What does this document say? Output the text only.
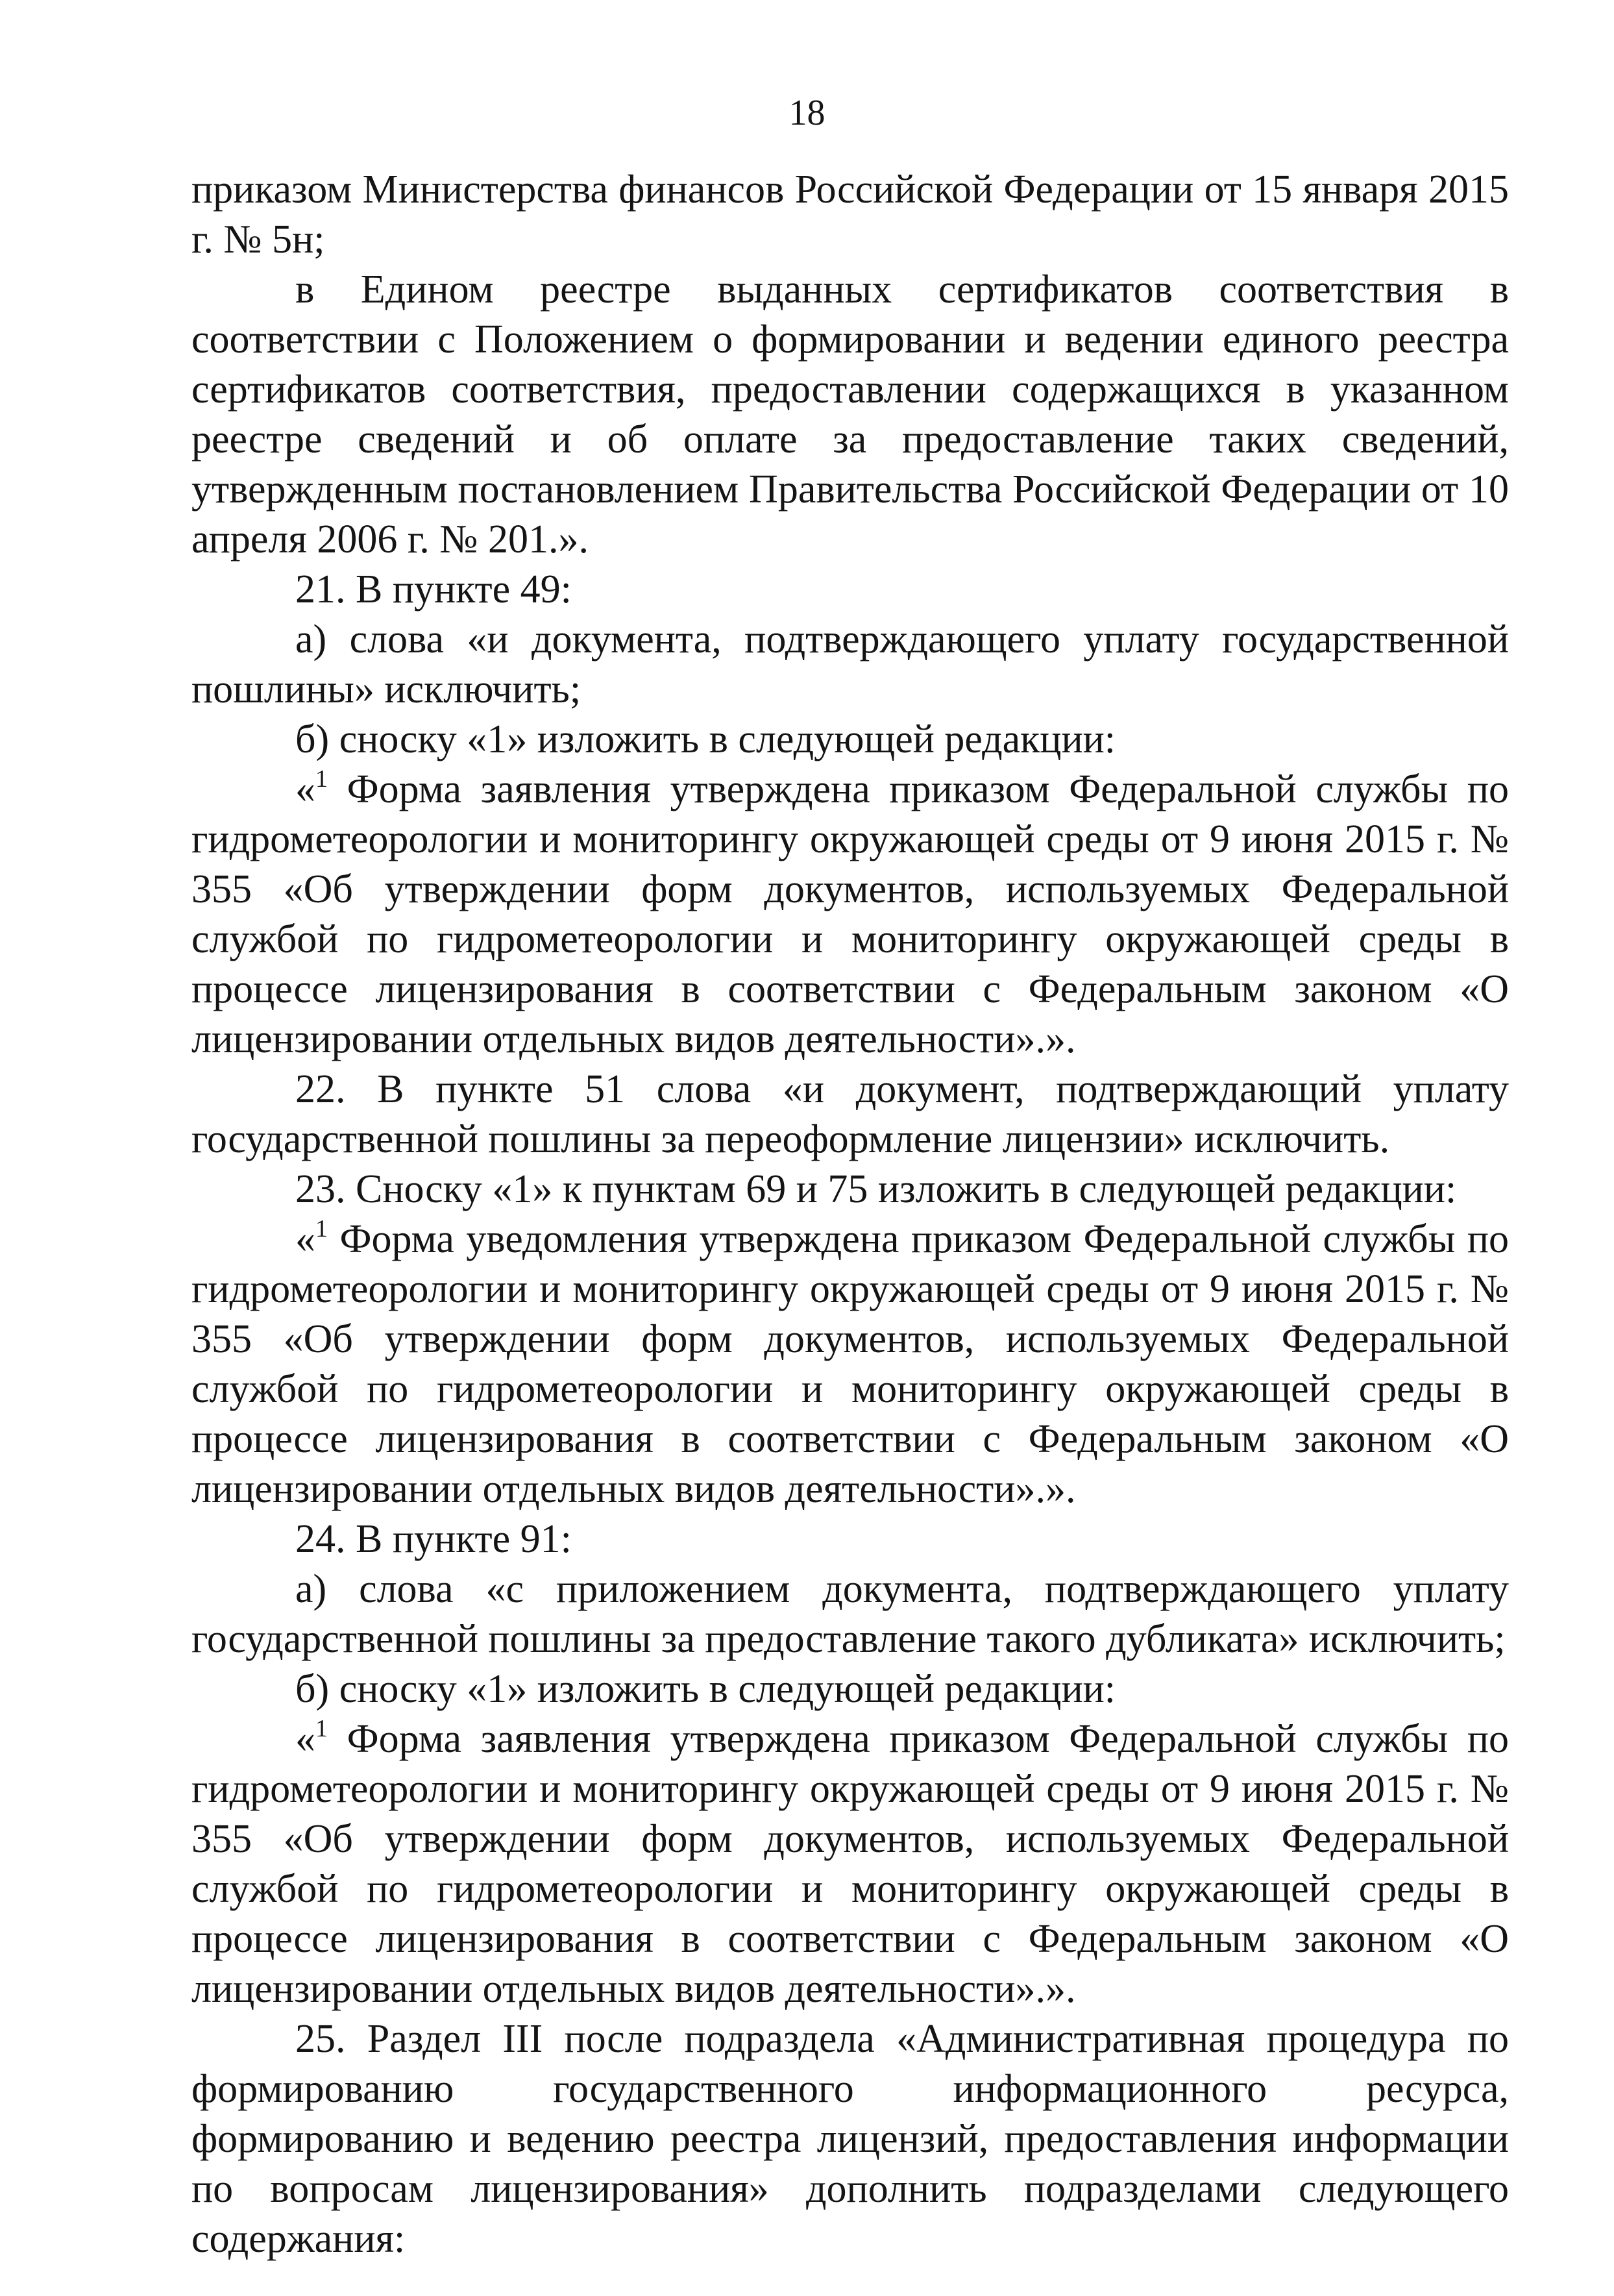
18

приказом Министерства финансов Российской Федерации от 15 января 2015 г. № 5н;

в Едином реестре выданных сертификатов соответствия в соответствии с Положением о формировании и ведении единого реестра сертификатов соответствия, предоставлении содержащихся в указанном реестре сведений и об оплате за предоставление таких сведений, утвержденным постановлением Правительства Российской Федерации от 10 апреля 2006 г. № 201.».

21. В пункте 49:

а) слова «и документа, подтверждающего уплату государственной пошлины» исключить;

б) сноску «1» изложить в следующей редакции:

«$^1$ Форма заявления утверждена приказом Федеральной службы по гидрометеорологии и мониторингу окружающей среды от 9 июня 2015 г. № 355 «Об утверждении форм документов, используемых Федеральной службой по гидрометеорологии и мониторингу окружающей среды в процессе лицензирования в соответствии с Федеральным законом «О лицензировании отдельных видов деятельности».».

22. В пункте 51 слова «и документ, подтверждающий уплату государственной пошлины за переоформление лицензии» исключить.

23. Сноску «1» к пунктам 69 и 75 изложить в следующей редакции:

«$^1$ Форма уведомления утверждена приказом Федеральной службы по гидрометеорологии и мониторингу окружающей среды от 9 июня 2015 г. № 355 «Об утверждении форм документов, используемых Федеральной службой по гидрометеорологии и мониторингу окружающей среды в процессе лицензирования в соответствии с Федеральным законом «О лицензировании отдельных видов деятельности».».

24. В пункте 91:

а) слова «с приложением документа, подтверждающего уплату государственной пошлины за предоставление такого дубликата» исключить;

б) сноску «1» изложить в следующей редакции:

«$^1$ Форма заявления утверждена приказом Федеральной службы по гидрометеорологии и мониторингу окружающей среды от 9 июня 2015 г. № 355 «Об утверждении форм документов, используемых Федеральной службой по гидрометеорологии и мониторингу окружающей среды в процессе лицензирования в соответствии с Федеральным законом «О лицензировании отдельных видов деятельности».».

25. Раздел III после подраздела «Административная процедура по формированию государственного информационного ресурса, формированию и ведению реестра лицензий, предоставления информации по вопросам лицензирования» дополнить подразделами следующего содержания:
